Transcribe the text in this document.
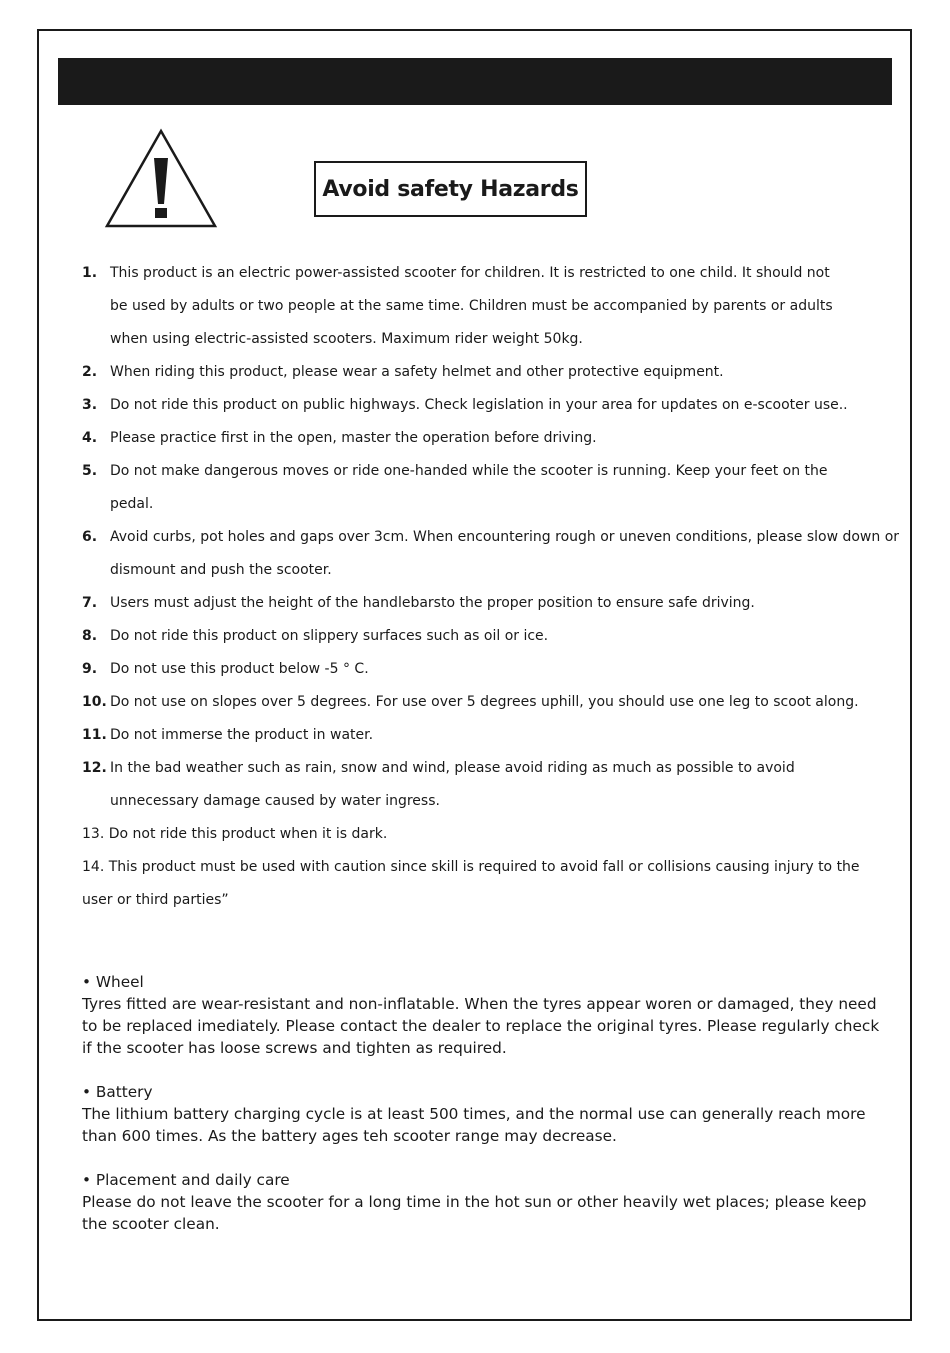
Avoid safety Hazards
1. This product is an electric power-assisted scooter for children. It is restricted to one child. It should not
be used by adults or two people at the same time. Children must be accompanied by parents or adults
when using electric-assisted scooters. Maximum rider weight 50kg.
2. When riding this product, please wear a safety helmet and other protective equipment.
3. Do not ride this product on public highways. Check legislation in your area for updates on e-scooter use..
4. Please practice first in the open, master the operation before driving.
5. Do not make dangerous moves or ride one-handed while the scooter is running. Keep your feet on the
pedal.
6. Avoid curbs, pot holes and gaps over 3cm. When encountering rough or uneven conditions, please slow down or
dismount and push the scooter.
7. Users must adjust the height of the handlebarsto the proper position to ensure safe driving.
8. Do not ride this product on slippery surfaces such as oil or ice.
9. Do not use this product below -5 ° C.
10. Do not use on slopes over 5 degrees. For use over 5 degrees uphill, you should use one leg to scoot along.
11. Do not immerse the product in water.
12. In the bad weather such as rain, snow and wind, please avoid riding as much as possible to avoid
unnecessary damage caused by water ingress.
13. Do not ride this product when it is dark.
14. This product must be used with caution since skill is required to avoid fall or collisions causing injury to the user or third parties”

• Wheel

Tyres fitted are wear-resistant and non-inflatable. When the tyres appear woren or damaged, they need to be replaced imediately. Please contact the dealer to replace the original tyres. Please regularly check if the scooter has loose screws and tighten as required.

• Battery

The lithium battery charging cycle is at least 500 times, and the normal use can generally reach more than 600 times. As the battery ages teh scooter range may decrease.

• Placement and daily care

Please do not leave the scooter for a long time in the hot sun or other heavily wet places; please keep the scooter clean.
